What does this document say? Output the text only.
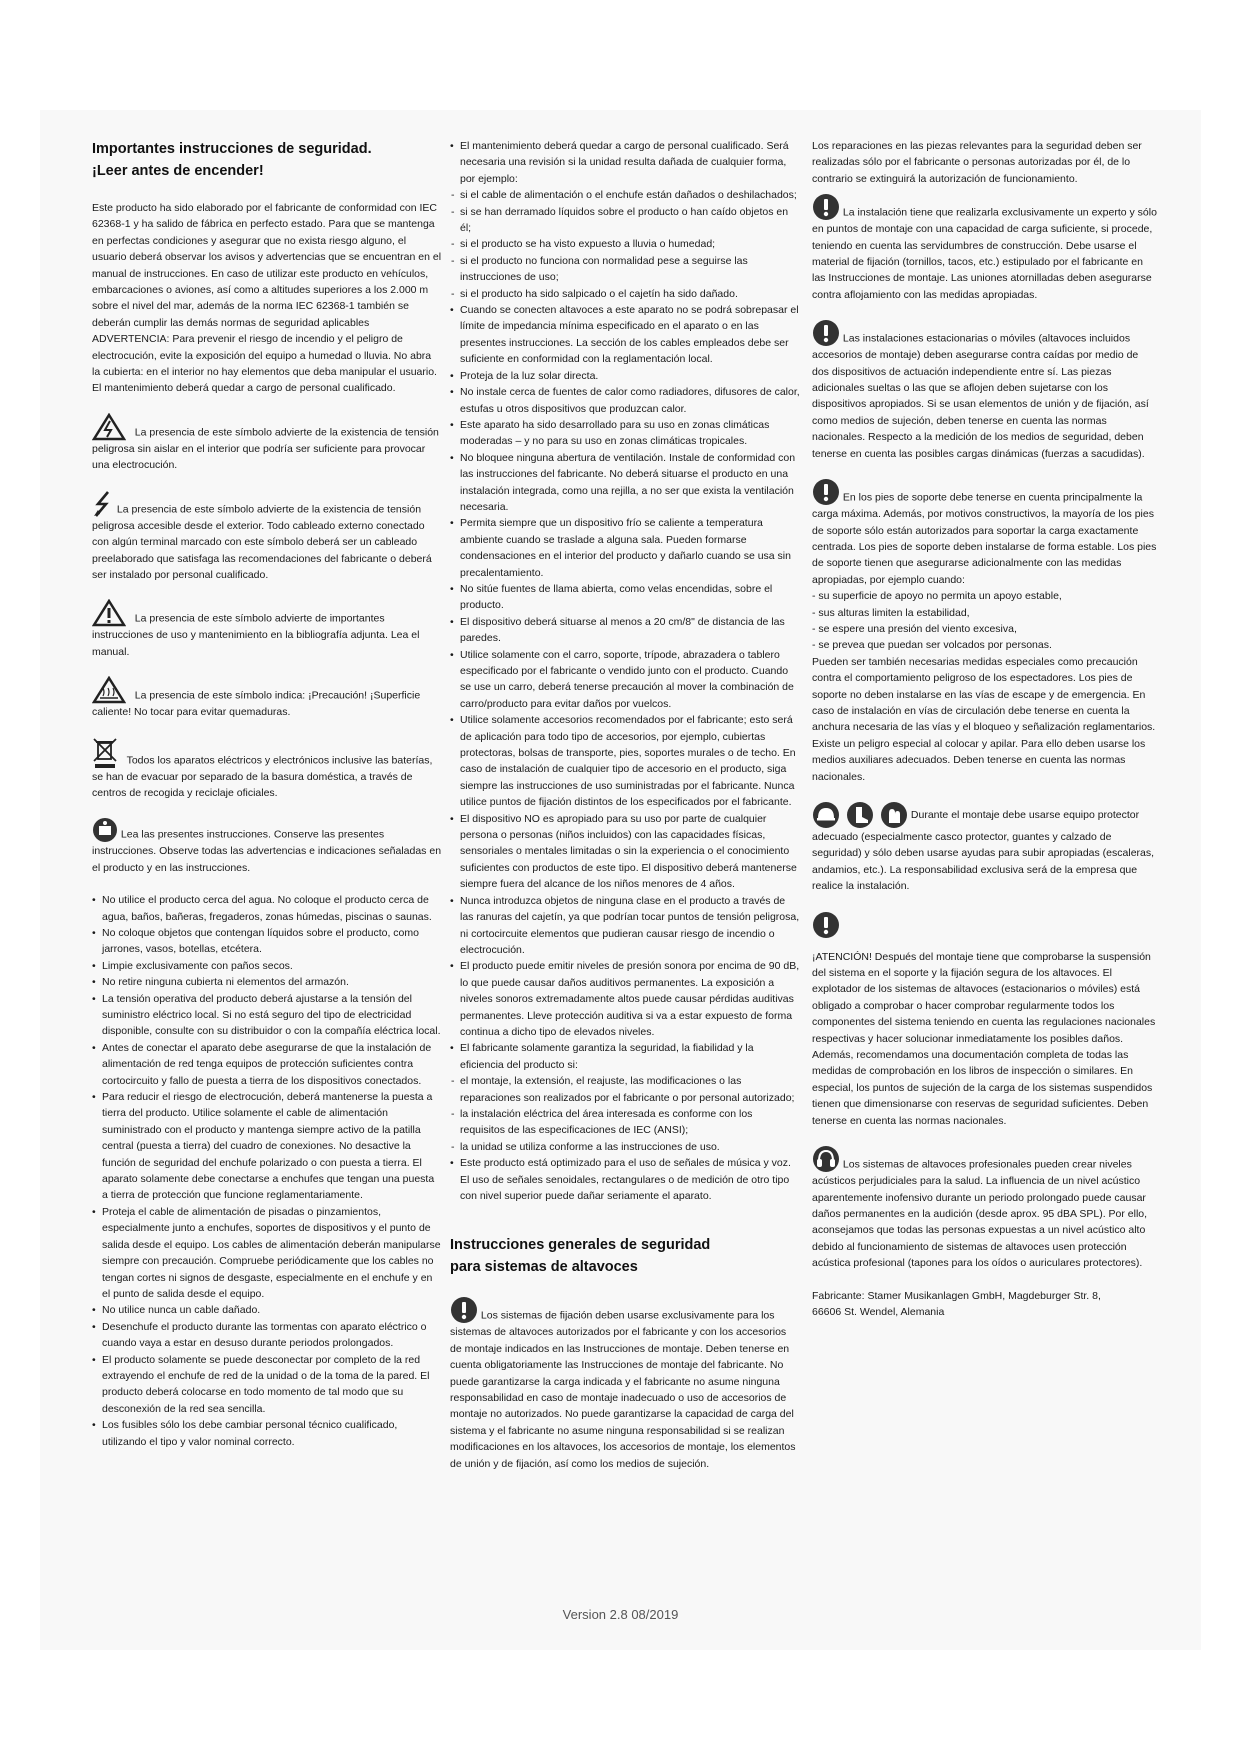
Importantes instrucciones de seguridad.
¡Leer antes de encender!

Este producto ha sido elaborado por el fabricante de conformidad con IEC 62368-1 y ha salido de fábrica en perfecto estado. Para que se mantenga en perfectas condiciones y asegurar que no exista riesgo alguno, el usuario deberá observar los avisos y advertencias que se encuentran en el manual de instrucciones. En caso de utilizar este producto en vehículos, embarcaciones o aviones, así como a altitudes superiores a los 2.000 m sobre el nivel del mar, además de la norma IEC 62368-1 también se deberán cumplir las demás normas de seguridad aplicables

ADVERTENCIA: Para prevenir el riesgo de incendio y el peligro de electrocución, evite la exposición del equipo a humedad o lluvia. No abra la cubierta: en el interior no hay elementos que deba manipular el usuario. El mantenimiento deberá quedar a cargo de personal cualificado.

La presencia de este símbolo advierte de la existencia de tensión peligrosa sin aislar en el interior que podría ser suficiente para provocar una electrocución.

La presencia de este símbolo advierte de la existencia de tensión peligrosa accesible desde el exterior. Todo cableado externo conectado con algún terminal marcado con este símbolo deberá ser un cableado preelaborado que satisfaga las recomendaciones del fabricante o deberá ser instalado por personal cualificado.

La presencia de este símbolo advierte de importantes instrucciones de uso y mantenimiento en la bibliografía adjunta. Lea el manual.

La presencia de este símbolo indica: ¡Precaución! ¡Superficie caliente! No tocar para evitar quemaduras.

Todos los aparatos eléctricos y electrónicos inclusive las baterías, se han de evacuar por separado de la basura doméstica, a través de centros de recogida y reciclaje oficiales.

Lea las presentes instrucciones. Conserve las presentes instrucciones. Observe todas las advertencias e indicaciones señaladas en el producto y en las instrucciones.

• No utilice el producto cerca del agua. No coloque el producto cerca de agua, baños, bañeras, fregaderos, zonas húmedas, piscinas o saunas.
• No coloque objetos que contengan líquidos sobre el producto, como jarrones, vasos, botellas, etcétera.
• Limpie exclusivamente con paños secos.
• No retire ninguna cubierta ni elementos del armazón.
• La tensión operativa del producto deberá ajustarse a la tensión del suministro eléctrico local. Si no está seguro del tipo de electricidad disponible, consulte con su distribuidor o con la compañía eléctrica local.
• Antes de conectar el aparato debe asegurarse de que la instalación de alimentación de red tenga equipos de protección suficientes contra cortocircuito y fallo de puesta a tierra de los dispositivos conectados.
• Para reducir el riesgo de electrocución, deberá mantenerse la puesta a tierra del producto. Utilice solamente el cable de alimentación suministrado con el producto y mantenga siempre activo de la patilla central (puesta a tierra) del cuadro de conexiones. No desactive la función de seguridad del enchufe polarizado o con puesta a tierra. El aparato solamente debe conectarse a enchufes que tengan una puesta a tierra de protección que funcione reglamentariamente.
• Proteja el cable de alimentación de pisadas o pinzamientos, especialmente junto a enchufes, soportes de dispositivos y el punto de salida desde el equipo. Los cables de alimentación deberán manipularse siempre con precaución. Compruebe periódicamente que los cables no tengan cortes ni signos de desgaste, especialmente en el enchufe y en el punto de salida desde el equipo.
• No utilice nunca un cable dañado.
• Desenchufe el producto durante las tormentas con aparato eléctrico o cuando vaya a estar en desuso durante periodos prolongados.
• El producto solamente se puede desconectar por completo de la red extrayendo el enchufe de red de la unidad o de la toma de la pared. El producto deberá colocarse en todo momento de tal modo que su desconexión de la red sea sencilla.
• Los fusibles sólo los debe cambiar personal técnico cualificado, utilizando el tipo y valor nominal correcto.
• El mantenimiento deberá quedar a cargo de personal cualificado. Será necesaria una revisión si la unidad resulta dañada de cualquier forma, por ejemplo:
- si el cable de alimentación o el enchufe están dañados o deshilachados;
- si se han derramado líquidos sobre el producto o han caído objetos en él;
- si el producto se ha visto expuesto a lluvia o humedad;
- si el producto no funciona con normalidad pese a seguirse las instrucciones de uso;
- si el producto ha sido salpicado o el cajetín ha sido dañado.
• Cuando se conecten altavoces a este aparato no se podrá sobrepasar el límite de impedancia mínima especificado en el aparato o en las presentes instrucciones. La sección de los cables empleados debe ser suficiente en conformidad con la reglamentación local.
• Proteja de la luz solar directa.
• No instale cerca de fuentes de calor como radiadores, difusores de calor, estufas u otros dispositivos que produzcan calor.
• Este aparato ha sido desarrollado para su uso en zonas climáticas moderadas – y no para su uso en zonas climáticas tropicales.
• No bloquee ninguna abertura de ventilación. Instale de conformidad con las instrucciones del fabricante. No deberá situarse el producto en una instalación integrada, como una rejilla, a no ser que exista la ventilación necesaria.
• Permita siempre que un dispositivo frío se caliente a temperatura ambiente cuando se traslade a alguna sala. Pueden formarse condensaciones en el interior del producto y dañarlo cuando se usa sin precalentamiento.
• No sitúe fuentes de llama abierta, como velas encendidas, sobre el producto.
• El dispositivo deberá situarse al menos a 20 cm/8" de distancia de las paredes.
• Utilice solamente con el carro, soporte, trípode, abrazadera o tablero especificado por el fabricante o vendido junto con el producto. Cuando se use un carro, deberá tenerse precaución al mover la combinación de carro/producto para evitar daños por vuelcos.
• Utilice solamente accesorios recomendados por el fabricante; esto será de aplicación para todo tipo de accesorios, por ejemplo, cubiertas protectoras, bolsas de transporte, pies, soportes murales o de techo. En caso de instalación de cualquier tipo de accesorio en el producto, siga siempre las instrucciones de uso suministradas por el fabricante. Nunca utilice puntos de fijación distintos de los especificados por el fabricante.
• El dispositivo NO es apropiado para su uso por parte de cualquier persona o personas (niños incluidos) con las capacidades físicas, sensoriales o mentales limitadas o sin la experiencia o el conocimiento suficientes con productos de este tipo. El dispositivo deberá mantenerse siempre fuera del alcance de los niños menores de 4 años.
• Nunca introduzca objetos de ninguna clase en el producto a través de las ranuras del cajetín, ya que podrían tocar puntos de tensión peligrosa, ni cortocircuite elementos que pudieran causar riesgo de incendio o electrocución.
• El producto puede emitir niveles de presión sonora por encima de 90 dB, lo que puede causar daños auditivos permanentes. La exposición a niveles sonoros extremadamente altos puede causar pérdidas auditivas permanentes. Lleve protección auditiva si va a estar expuesto de forma continua a dicho tipo de elevados niveles.
• El fabricante solamente garantiza la seguridad, la fiabilidad y la eficiencia del producto si:
- el montaje, la extensión, el reajuste, las modificaciones o las reparaciones son realizados por el fabricante o por personal autorizado;
- la instalación eléctrica del área interesada es conforme con los requisitos de las especificaciones de IEC (ANSI);
- la unidad se utiliza conforme a las instrucciones de uso.
• Este producto está optimizado para el uso de señales de música y voz. El uso de señales senoidales, rectangulares o de medición de otro tipo con nivel superior puede dañar seriamente el aparato.
Instrucciones generales de seguridad
para sistemas de altavoces

Los sistemas de fijación deben usarse exclusivamente para los sistemas de altavoces autorizados por el fabricante y con los accesorios de montaje indicados en las Instrucciones de montaje. Deben tenerse en cuenta obligatoriamente las Instrucciones de montaje del fabricante. No puede garantizarse la carga indicada y el fabricante no asume ninguna responsabilidad en caso de montaje inadecuado o uso de accesorios de montaje no autorizados. No puede garantizarse la capacidad de carga del sistema y el fabricante no asume ninguna responsabilidad si se realizan modificaciones en los altavoces, los accesorios de montaje, los elementos de unión y de fijación, así como los medios de sujeción.

Los reparaciones en las piezas relevantes para la seguridad deben ser realizadas sólo por el fabricante o personas autorizadas por él, de lo contrario se extinguirá la autorización de funcionamiento.

La instalación tiene que realizarla exclusivamente un experto y sólo en puntos de montaje con una capacidad de carga suficiente, si procede, teniendo en cuenta las servidumbres de construcción. Debe usarse el material de fijación (tornillos, tacos, etc.) estipulado por el fabricante en las Instrucciones de montaje. Las uniones atornilladas deben asegurarse contra aflojamiento con las medidas apropiadas.

Las instalaciones estacionarias o móviles (altavoces incluidos accesorios de montaje) deben asegurarse contra caídas por medio de dos dispositivos de actuación independiente entre sí. Las piezas adicionales sueltas o las que se aflojen deben sujetarse con los dispositivos apropiados. Si se usan elementos de unión y de fijación, así como medios de sujeción, deben tenerse en cuenta las normas nacionales. Respecto a la medición de los medios de seguridad, deben tenerse en cuenta las posibles cargas dinámicas (fuerzas a sacudidas).

En los pies de soporte debe tenerse en cuenta principalmente la carga máxima. Además, por motivos constructivos, la mayoría de los pies de soporte sólo están autorizados para soportar la carga exactamente centrada. Los pies de soporte deben instalarse de forma estable. Los pies de soporte tienen que asegurarse adicionalmente con las medidas apropiadas, por ejemplo cuando:

- su superficie de apoyo no permita un apoyo estable,
- sus alturas limiten la estabilidad,
- se espere una presión del viento excesiva,
- se prevea que puedan ser volcados por personas.

Pueden ser también necesarias medidas especiales como precaución contra el comportamiento peligroso de los espectadores. Los pies de soporte no deben instalarse en las vías de escape y de emergencia. En caso de instalación en vías de circulación debe tenerse en cuenta la anchura necesaria de las vías y el bloqueo y señalización reglamentarios. Existe un peligro especial al colocar y apilar. Para ello deben usarse los medios auxiliares adecuados. Deben tenerse en cuenta las normas nacionales.

Durante el montaje debe usarse equipo protector adecuado (especialmente casco protector, guantes y calzado de seguridad) y sólo deben usarse ayudas para subir apropiadas (escaleras, andamios, etc.). La responsabilidad exclusiva será de la empresa que realice la instalación.

¡ATENCIÓN! Después del montaje tiene que comprobarse la suspensión del sistema en el soporte y la fijación segura de los altavoces. El explotador de los sistemas de altavoces (estacionarios o móviles) está obligado a comprobar o hacer comprobar regularmente todos los componentes del sistema teniendo en cuenta las regulaciones nacionales respectivas y hacer solucionar inmediatamente los posibles daños. Además, recomendamos una documentación completa de todas las medidas de comprobación en los libros de inspección o similares. En especial, los puntos de sujeción de la carga de los sistemas suspendidos tienen que dimensionarse con reservas de seguridad suficientes. Deben tenerse en cuenta las normas nacionales.

Los sistemas de altavoces profesionales pueden crear niveles acústicos perjudiciales para la salud. La influencia de un nivel acústico aparentemente inofensivo durante un periodo prolongado puede causar daños permanentes en la audición (desde aprox. 95 dBA SPL). Por ello, aconsejamos que todas las personas expuestas a un nivel acústico alto debido al funcionamiento de sistemas de altavoces usen protección acústica profesional (tapones para los oídos o auriculares protectores).

Fabricante: Stamer Musikanlagen GmbH, Magdeburger Str. 8,
66606 St. Wendel, Alemania

Version 2.8 08/2019
